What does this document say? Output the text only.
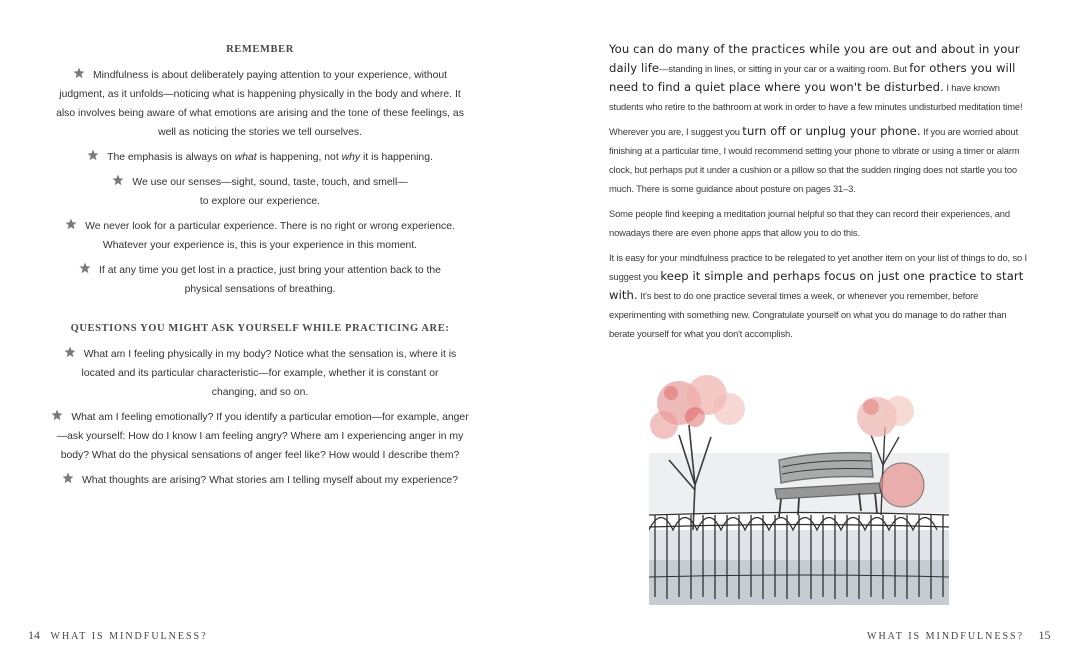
REMEMBER
Mindfulness is about deliberately paying attention to your experience, without judgment, as it unfolds—noticing what is happening physically in the body and where. It also involves being aware of what emotions are arising and the tone of these feelings, as well as noticing the stories we tell ourselves.
The emphasis is always on what is happening, not why it is happening.
We use our senses—sight, sound, taste, touch, and smell—to explore our experience.
We never look for a particular experience. There is no right or wrong experience. Whatever your experience is, this is your experience in this moment.
If at any time you get lost in a practice, just bring your attention back to the physical sensations of breathing.
QUESTIONS YOU MIGHT ASK YOURSELF WHILE PRACTICING ARE:
What am I feeling physically in my body? Notice what the sensation is, where it is located and its particular characteristic—for example, whether it is constant or changing, and so on.
What am I feeling emotionally? If you identify a particular emotion—for example, anger—ask yourself: How do I know I am feeling angry? Where am I experiencing anger in my body? What do the physical sensations of anger feel like? How would I describe them?
What thoughts are arising? What stories am I telling myself about my experience?
14 WHAT IS MINDFULNESS?

You can do many of the practices while you are out and about in your daily life—standing in lines, or sitting in your car or a waiting room. But for others you will need to find a quiet place where you won't be disturbed. I have known students who retire to the bathroom at work in order to have a few minutes undisturbed meditation time!

Wherever you are, I suggest you turn off or unplug your phone. If you are worried about finishing at a particular time, I would recommend setting your phone to vibrate or using a timer or alarm clock, but perhaps put it under a cushion or a pillow so that the sudden ringing does not startle you too much. There is some guidance about posture on pages 31–3.

Some people find keeping a meditation journal helpful so that they can record their experiences, and nowadays there are even phone apps that allow you to do this.

It is easy for your mindfulness practice to be relegated to yet another item on your list of things to do, so I suggest you keep it simple and perhaps focus on just one practice to start with. It's best to do one practice several times a week, or whenever you remember, before experimenting with something new. Congratulate yourself on what you do manage to do rather than berate yourself for what you don't accomplish.

WHAT IS MINDFULNESS? 15
